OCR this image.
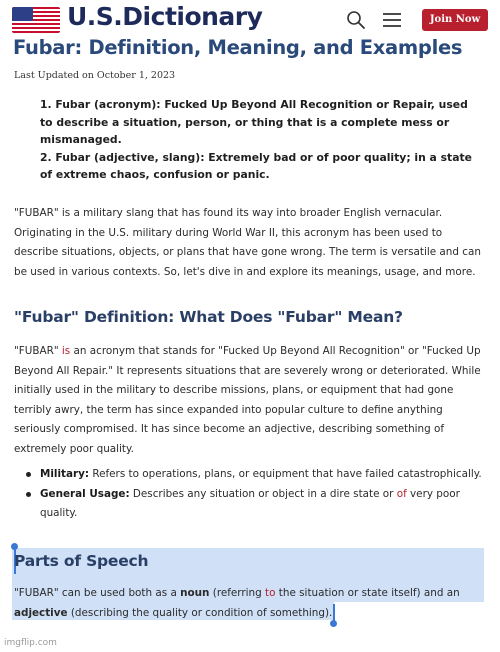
U.S.Dictionary	Join Now
Fubar: Definition, Meaning, and Examples
Last Updated on October 1, 2023
1. Fubar (acronym): Fucked Up Beyond All Recognition or Repair, used to describe a situation, person, or thing that is a complete mess or mismanaged.
2. Fubar (adjective, slang): Extremely bad or of poor quality; in a state of extreme chaos, confusion or panic.

"FUBAR" is a military slang that has found its way into broader English vernacular. Originating in the U.S. military during World War II, this acronym has been used to describe situations, objects, or plans that have gone wrong. The term is versatile and can be used in various contexts. So, let's dive in and explore its meanings, usage, and more.

"Fubar" Definition: What Does "Fubar" Mean?

"FUBAR" is an acronym that stands for "Fucked Up Beyond All Recognition" or "Fucked Up Beyond All Repair." It represents situations that are severely wrong or deteriorated. While initially used in the military to describe missions, plans, or equipment that had gone terribly awry, the term has since expanded into popular culture to define anything seriously compromised. It has since become an adjective, describing something of extremely poor quality.

Military: Refers to operations, plans, or equipment that have failed catastrophically.
General Usage: Describes any situation or object in a dire state or of very poor quality.
Parts of Speech

"FUBAR" can be used both as a noun (referring to the situation or state itself) and an adjective (describing the quality or condition of something).

imgflip.com
